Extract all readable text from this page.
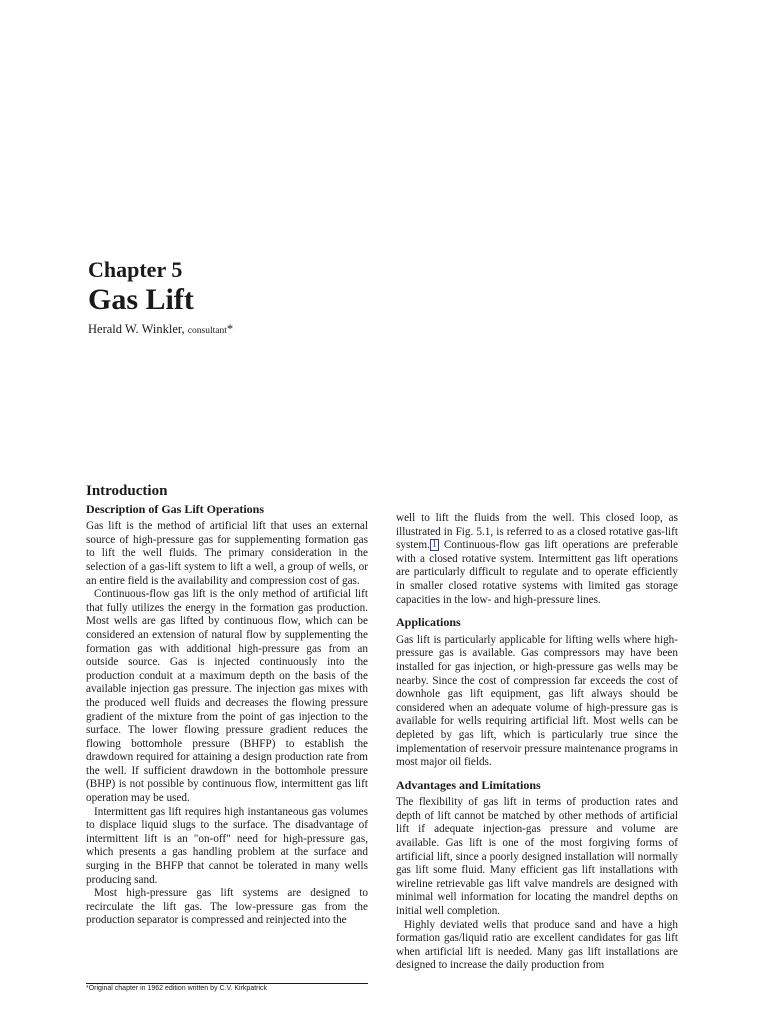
Chapter 5
Gas Lift

Herald W. Winkler, consultant*

Introduction
Description of Gas Lift Operations

Gas lift is the method of artificial lift that uses an external source of high-pressure gas for supplementing formation gas to lift the well fluids. The primary consideration in the selection of a gas-lift system to lift a well, a group of wells, or an entire field is the availability and compression cost of gas.

Continuous-flow gas lift is the only method of artificial lift that fully utilizes the energy in the formation gas production. Most wells are gas lifted by continuous flow, which can be considered an extension of natural flow by supplementing the formation gas with additional high-pressure gas from an outside source. Gas is injected continuously into the production conduit at a maximum depth on the basis of the available injection gas pressure. The injection gas mixes with the produced well fluids and decreases the flowing pressure gradient of the mixture from the point of gas injection to the surface. The lower flowing pressure gradient reduces the flowing bottomhole pressure (BHFP) to establish the drawdown required for attaining a design production rate from the well. If sufficient drawdown in the bottomhole pressure (BHP) is not possible by continuous flow, intermittent gas lift operation may be used.

Intermittent gas lift requires high instantaneous gas volumes to displace liquid slugs to the surface. The disadvantage of intermittent lift is an "on-off" need for high-pressure gas, which presents a gas handling problem at the surface and surging in the BHFP that cannot be tolerated in many wells producing sand.

Most high-pressure gas lift systems are designed to recirculate the lift gas. The low-pressure gas from the production separator is compressed and reinjected into the

well to lift the fluids from the well. This closed loop, as illustrated in Fig. 5.1, is referred to as a closed rotative gas-lift system. 1 Continuous-flow gas lift operations are preferable with a closed rotative system. Intermittent gas lift operations are particularly difficult to regulate and to operate efficiently in smaller closed rotative systems with limited gas storage capacities in the low- and high-pressure lines.

Applications

Gas lift is particularly applicable for lifting wells where high-pressure gas is available. Gas compressors may have been installed for gas injection, or high-pressure gas wells may be nearby. Since the cost of compression far exceeds the cost of downhole gas lift equipment, gas lift always should be considered when an adequate volume of high-pressure gas is available for wells requiring artificial lift. Most wells can be depleted by gas lift, which is particularly true since the implementation of reservoir pressure maintenance programs in most major oil fields.

Advantages and Limitations

The flexibility of gas lift in terms of production rates and depth of lift cannot be matched by other methods of artificial lift if adequate injection-gas pressure and volume are available. Gas lift is one of the most forgiving forms of artificial lift, since a poorly designed installation will normally gas lift some fluid. Many efficient gas lift installations with wireline retrievable gas lift valve mandrels are designed with minimal well information for locating the mandrel depths on initial well completion.

Highly deviated wells that produce sand and have a high formation gas/liquid ratio are excellent candidates for gas lift when artificial lift is needed. Many gas lift installations are designed to increase the daily production from

*Original chapter in 1962 edition written by C.V. Kirkpatrick
